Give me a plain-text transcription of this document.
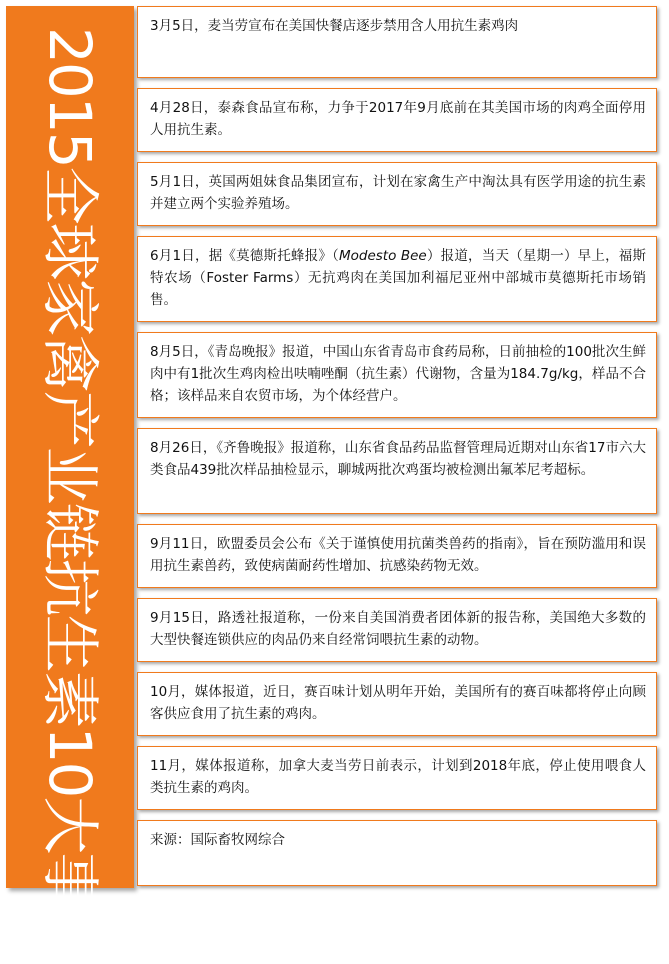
2015全球家禽产业链抗生素10大事件
3月5日，麦当劳宣布在美国快餐店逐步禁用含人用抗生素鸡肉
4月28日，泰森食品宣布称，力争于2017年9月底前在其美国市场的肉鸡全面停用人用抗生素。
5月1日，英国两姐妹食品集团宣布，计划在家禽生产中淘汰具有医学用途的抗生素并建立两个实验养殖场。
6月1日，据《莫德斯托蜂报》（Modesto Bee）报道，当天（星期一）早上，福斯特农场（Foster Farms）无抗鸡肉在美国加利福尼亚州中部城市莫德斯托市场销售。
8月5日，《青岛晚报》报道，中国山东省青岛市食药局称，日前抽检的100批次生鲜肉中有1批次生鸡肉检出呋喃唑酮（抗生素）代谢物，含量为184.7g/kg，样品不合格；该样品来自农贸市场，为个体经营户。
8月26日，《齐鲁晚报》报道称，山东省食品药品监督管理局近期对山东省17市六大类食品439批次样品抽检显示，聊城两批次鸡蛋均被检测出氟苯尼考超标。
9月11日，欧盟委员会公布《关于谨慎使用抗菌类兽药的指南》，旨在预防滥用和误用抗生素兽药，致使病菌耐药性增加、抗感染药物无效。
9月15日，路透社报道称，一份来自美国消费者团体新的报告称，美国绝大多数的大型快餐连锁供应的肉品仍来自经常饲喂抗生素的动物。
10月，媒体报道，近日，赛百味计划从明年开始，美国所有的赛百味都将停止向顾客供应食用了抗生素的鸡肉。
11月，媒体报道称，加拿大麦当劳日前表示，计划到2018年底，停止使用喂食人类抗生素的鸡肉。
来源：国际畜牧网综合
